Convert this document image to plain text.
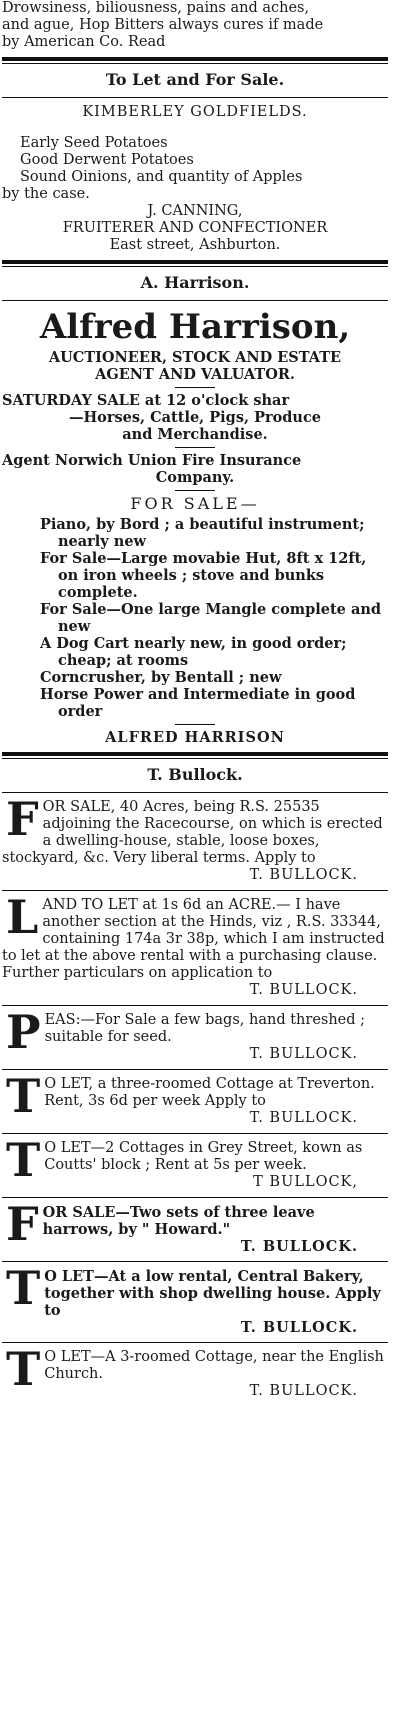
Drowsiness, biliousness, pains and aches,

and ague, Hop Bitters always cures if made

by American Co. Read

To Let and For Sale.

KIMBERLEY GOLDFIELDS.

Early Seed Potatoes

Good Derwent Potatoes

Sound Oinions, and quantity of Apples

by the case.

J. CANNING,

FRUITERER AND CONFECTIONER

East street, Ashburton.

A. Harrison.
Alfred Harrison,

AUCTIONEER, STOCK AND ESTATE

AGENT AND VALUATOR.

SATURDAY SALE at 12 o'clock shar

—Horses, Cattle, Pigs, Produce

and Merchandise.

Agent Norwich Union Fire Insurance

Company.

FOR SALE—

Piano, by Bord ; a beautiful instrument; nearly new

For Sale—Large movabie Hut, 8ft x 12ft, on iron wheels ; stove and bunks complete.

For Sale—One large Mangle complete and new

A Dog Cart nearly new, in good order; cheap; at rooms

Corncrusher, by Bentall ; new

Horse Power and Intermediate in good order

ALFRED HARRISON

T. Bullock.

FOR SALE, 40 Acres, being R.S. 25535 adjoining the Racecourse, on which is erected a dwelling-house, stable, loose boxes, stockyard, &c. Very liberal terms. Apply to

T. BULLOCK.

LAND TO LET at 1s 6d an ACRE.— I have another section at the Hinds, viz , R.S. 33344, containing 174a 3r 38p, which I am instructed to let at the above rental with a purchasing clause. Further particulars on application to

T. BULLOCK.

PEAS:—For Sale a few bags, hand threshed ; suitable for seed.

T. BULLOCK.

T O LET, a three-roomed Cottage at Treverton. Rent, 3s 6d per week Apply to

T. BULLOCK.

T O LET—2 Cottages in Grey Street, kown as Coutts' block ; Rent at 5s per week.

T BULLOCK,

FOR SALE—Two sets of three leave harrows, by " Howard."

T. BULLOCK.

T O LET—At a low rental, Central Bakery, together with shop dwelling house. Apply to

T. BULLOCK.

T O LET—A 3-roomed Cottage, near the English Church.

T. BULLOCK.
